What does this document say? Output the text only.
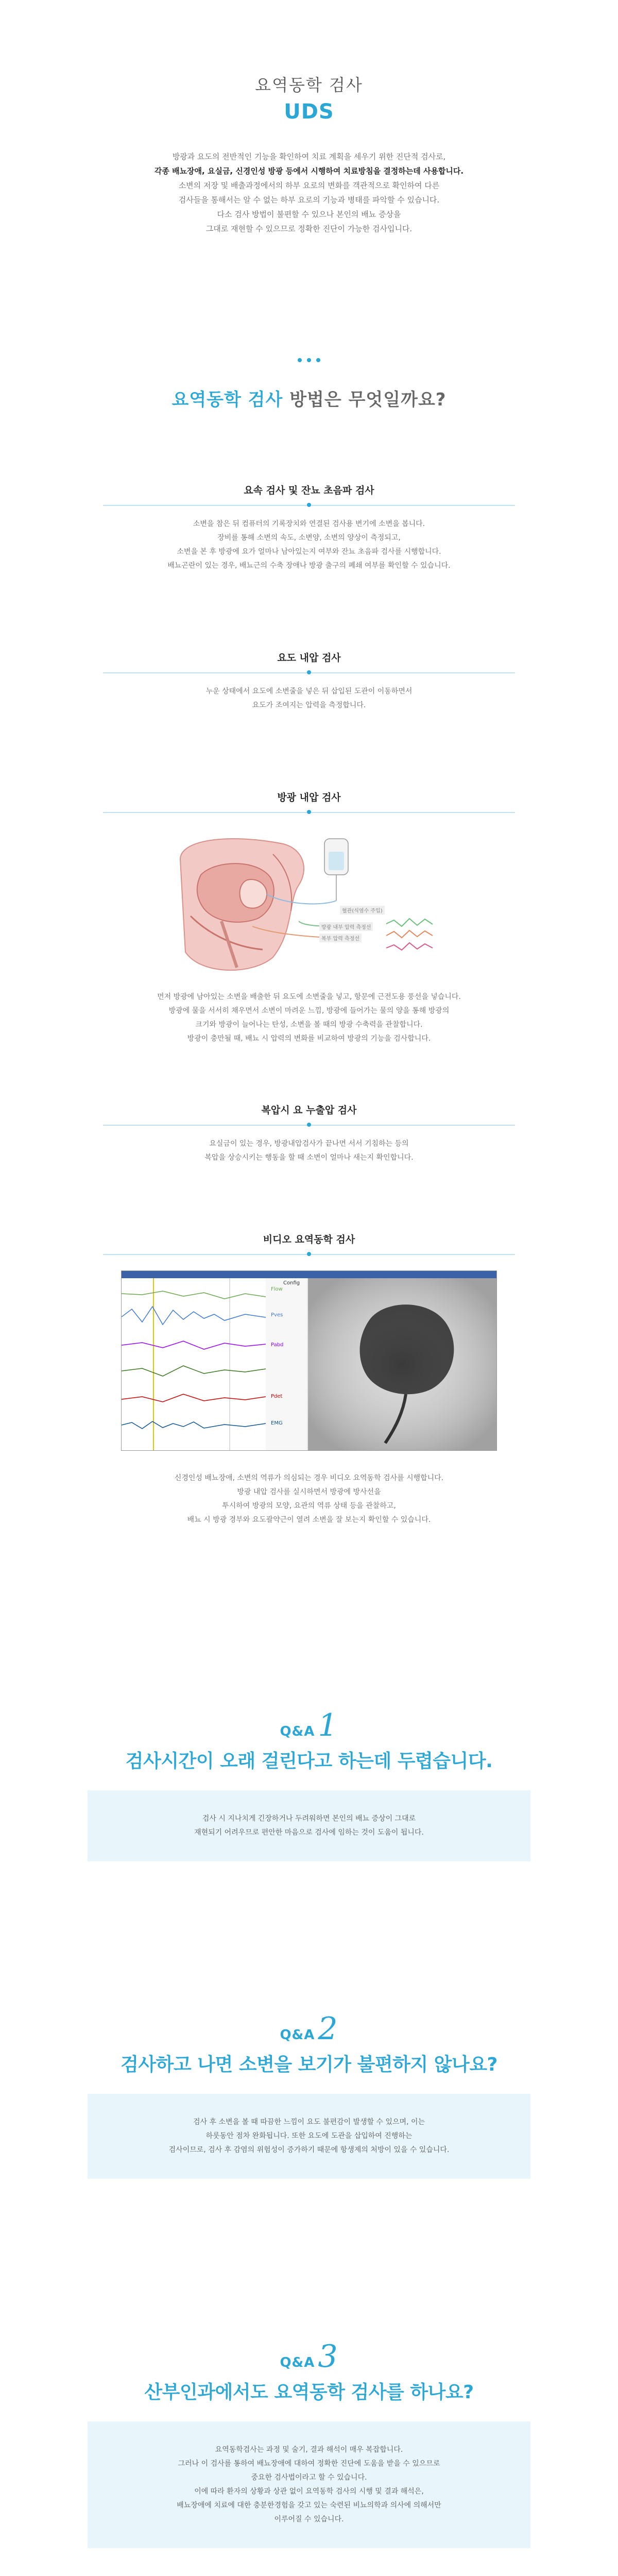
요역동학 검사
UDS

방광과 요도의 전반적인 기능을 확인하여 치료 계획을 세우기 위한 진단적 검사로,

각종 배뇨장애, 요실금, 신경인성 방광 등에서 시행하여 치료방침을 결정하는데 사용합니다.

소변의 저장 및 배출과정에서의 하부 요로의 변화를 객관적으로 확인하여 다른

검사들을 통해서는 알 수 없는 하부 요로의 기능과 병태를 파악할 수 있습니다.

다소 검사 방법이 불편할 수 있으나 본인의 배뇨 증상을

그대로 재현할 수 있으므로 정확한 진단이 가능한 검사입니다.

요역동학 검사 방법은 무엇일까요?
요속 검사 및 잔뇨 초음파 검사

소변을 참은 뒤 컴퓨터의 기록장치와 연결된 검사용 변기에 소변을 봅니다.

장비를 통해 소변의 속도, 소변양, 소변의 양상이 측정되고,

소변을 본 후 방광에 요가 얼마나 남아있는지 여부와 잔뇨 초음파 검사를 시행합니다.

배뇨곤란이 있는 경우, 배뇨근의 수축 장애나 방광 출구의 폐쇄 여부를 확인할 수 있습니다.

요도 내압 검사

누운 상태에서 요도에 소변줄을 넣은 뒤 삽입된 도관이 이동하면서

요도가 조여지는 압력을 측정합니다.

방광 내압 검사
혈관(식염수 주입)
방광 내부 압력 측정선
복부 압력 측정선

먼저 방광에 남아있는 소변을 배출한 뒤 요도에 소변줄을 넣고, 항문에 근전도용 풍선을 넣습니다.

방광에 물을 서서히 채우면서 소변이 마려운 느낌, 방광에 들어가는 물의 양을 통해 방광의

크기와 방광이 늘어나는 탄성, 소변을 볼 때의 방광 수축력을 관찰합니다.

방광이 충만될 때, 배뇨 시 압력의 변화를 비교하여 방광의 기능을 검사합니다.

복압시 요 누출압 검사

요실금이 있는 경우, 방광내압검사가 끝나면 서서 기침하는 등의

복압을 상승시키는 행동을 할 때 소변이 얼마나 새는지 확인합니다.

비디오 요역동학 검사
Flow
Config
Pves
Pabd
Pdet
EMG

신경인성 배뇨장애, 소변의 역류가 의심되는 경우 비디오 요역동학 검사를 시행합니다.

방광 내압 검사를 실시하면서 방광에 방사선을

투시하여 방광의 모양, 요관의 역류 상태 등을 관찰하고,

배뇨 시 방광 경부와 요도괄약근이 열려 소변을 잘 보는지 확인할 수 있습니다.

Q&A 1
검사시간이 오래 걸린다고 하는데 두렵습니다.

검사 시 지나치게 긴장하거나 두려워하면 본인의 배뇨 증상이 그대로

재현되기 어려우므로 편안한 마음으로 검사에 임하는 것이 도움이 됩니다.

Q&A 2
검사하고 나면 소변을 보기가 불편하지 않나요?

검사 후 소변을 볼 때 따끔한 느낌이 요도 불편감이 발생할 수 있으며, 이는

하룻동안 점차 완화됩니다. 또한 요도에 도관을 삽입하여 진행하는

검사이므로, 검사 후 감염의 위험성이 증가하기 때문에 항생제의 처방이 있을 수 있습니다.

Q&A 3
산부인과에서도 요역동학 검사를 하나요?

요역동학검사는 과정 및 술기, 결과 해석이 매우 복잡합니다.

그러나 이 검사를 통하여 배뇨장애에 대하여 정확한 진단에 도움을 받을 수 있으므로

중요한 검사법이라고 할 수 있습니다.

이에 따라 환자의 상황과 상관 없이 요역동학 검사의 시행 및 결과 해석은,

배뇨장애에 치료에 대한 충분한경험을 갖고 있는 숙련된 비뇨의학과 의사에 의해서만

이루어질 수 있습니다.
